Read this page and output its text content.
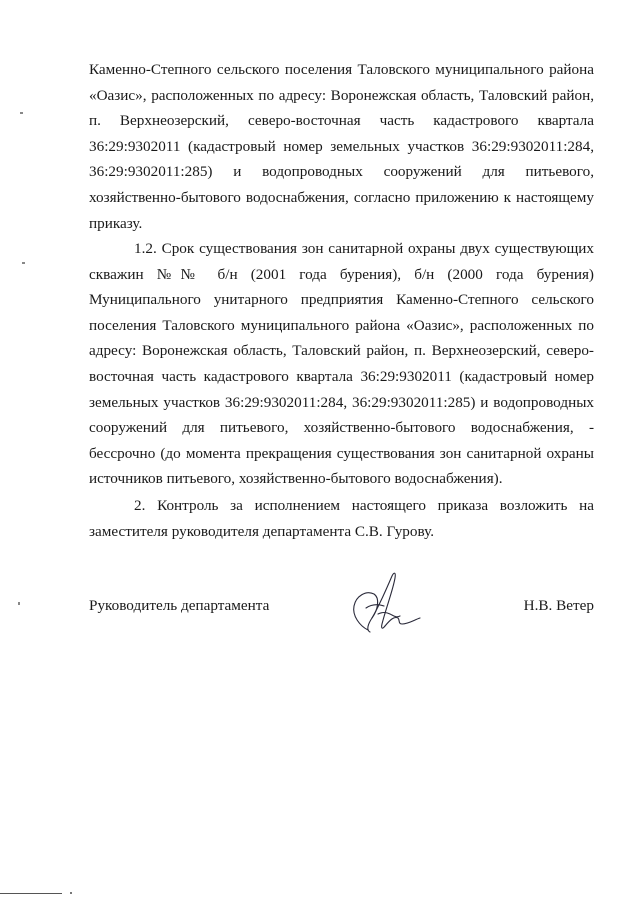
Каменно-Степного сельского поселения Таловского муниципального района «Оазис», расположенных по адресу: Воронежская область, Таловский район, п. Верхнеозерский, северо-восточная часть кадастрового квартала 36:29:9302011 (кадастровый номер земельных участков 36:29:9302011:284, 36:29:9302011:285) и водопроводных сооружений для питьевого, хозяйственно-бытового водоснабжения, согласно приложению к настоящему приказу.

1.2. Срок существования зон санитарной охраны двух существующих скважин №№ б/н (2001 года бурения), б/н (2000 года бурения) Муниципального унитарного предприятия Каменно-Степного сельского поселения Таловского муниципального района «Оазис», расположенных по адресу: Воронежская область, Таловский район, п. Верхнеозерский, северо-восточная часть кадастрового квартала 36:29:9302011 (кадастровый номер земельных участков 36:29:9302011:284, 36:29:9302011:285) и водопроводных сооружений для питьевого, хозяйственно-бытового водоснабжения, - бессрочно (до момента прекращения существования зон санитарной охраны источников питьевого, хозяйственно-бытового водоснабжения).

2. Контроль за исполнением настоящего приказа возложить на заместителя руководителя департамента С.В. Гурову.

Руководитель департамента	Н.В. Ветер
